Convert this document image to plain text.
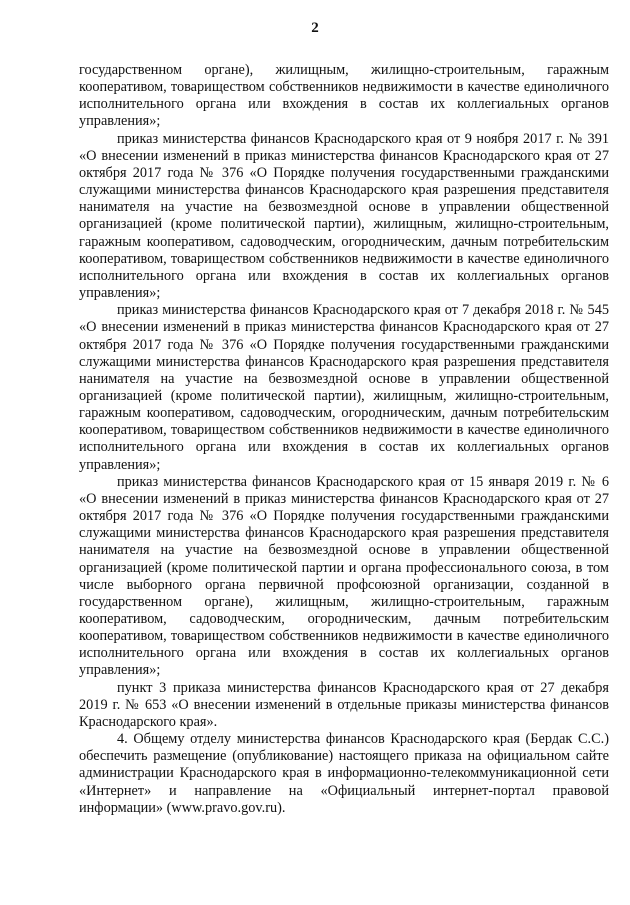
2

государственном органе), жилищным, жилищно-строительным, гаражным кооперативом, товариществом собственников недвижимости в качестве единоличного исполнительного органа или вхождения в состав их коллегиальных органов управления»;

приказ министерства финансов Краснодарского края от 9 ноября 2017 г. № 391 «О внесении изменений в приказ министерства финансов Краснодарского края от 27 октября 2017 года № 376 «О Порядке получения государственными гражданскими служащими министерства финансов Краснодарского края разрешения представителя нанимателя на участие на безвозмездной основе в управлении общественной организацией (кроме политической партии), жилищным, жилищно-строительным, гаражным кооперативом, садоводческим, огородническим, дачным потребительским кооперативом, товариществом собственников недвижимости в качестве единоличного исполнительного органа или вхождения в состав их коллегиальных органов управления»;

приказ министерства финансов Краснодарского края от 7 декабря 2018 г. № 545 «О внесении изменений в приказ министерства финансов Краснодарского края от 27 октября 2017 года № 376 «О Порядке получения государственными гражданскими служащими министерства финансов Краснодарского края разрешения представителя нанимателя на участие на безвозмездной основе в управлении общественной организацией (кроме политической партии), жилищным, жилищно-строительным, гаражным кооперативом, садоводческим, огородническим, дачным потребительским кооперативом, товариществом собственников недвижимости в качестве единоличного исполнительного органа или вхождения в состав их коллегиальных органов управления»;

приказ министерства финансов Краснодарского края от 15 января 2019 г. № 6 «О внесении изменений в приказ министерства финансов Краснодарского края от 27 октября 2017 года № 376 «О Порядке получения государственными гражданскими служащими министерства финансов Краснодарского края разрешения представителя нанимателя на участие на безвозмездной основе в управлении общественной организацией (кроме политической партии и органа профессионального союза, в том числе выборного органа первичной профсоюзной организации, созданной в государственном органе), жилищным, жилищно-строительным, гаражным кооперативом, садоводческим, огородническим, дачным потребительским кооперативом, товариществом собственников недвижимости в качестве единоличного исполнительного органа или вхождения в состав их коллегиальных органов управления»;

пункт 3 приказа министерства финансов Краснодарского края от 27 декабря 2019 г. № 653 «О внесении изменений в отдельные приказы министерства финансов Краснодарского края».

4. Общему отделу министерства финансов Краснодарского края (Бердак С.С.) обеспечить размещение (опубликование) настоящего приказа на официальном сайте администрации Краснодарского края в информационно-телекоммуникационной сети «Интернет» и направление на «Официальный интернет-портал правовой информации» (www.pravo.gov.ru).
